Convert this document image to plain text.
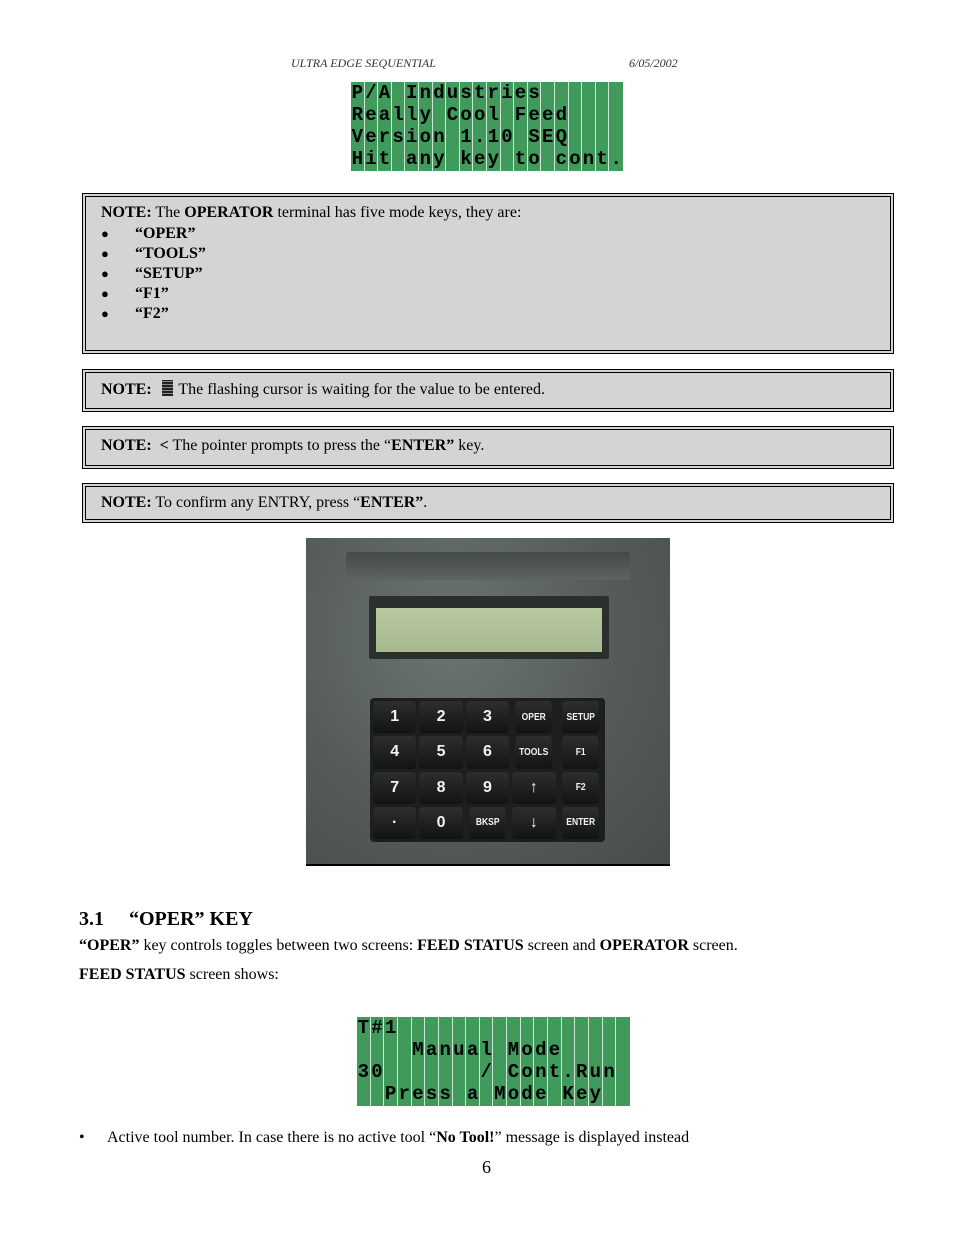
ULTRA EDGE SEQUENTIAL	6/05/2002
P / A I n d u s t r i e s
R e a l l y C o o l F e e d
V e r s i o n 1 . 1 0 S E Q
H i t a n y k e y t o c o n t .
NOTE: The OPERATOR terminal has five mode keys, they are:
● “OPER”
● “TOOLS”
● “SETUP”
● “F1”
● “F2”
NOTE: The flashing cursor is waiting for the value to be entered.
NOTE: < The pointer prompts to press the “ENTER” key.
NOTE: To confirm any ENTRY, press “ENTER”.
1	2	3	OPER	SETUP
4	5	6	TOOLS	F1
7	8	9	↑	F2
·	0	BKSP	↓	ENTER
3.1 “OPER” KEY
“OPER” key controls toggles between two screens: FEED STATUS screen and OPERATOR screen.
FEED STATUS screen shows:
T # 1
M a n u a l M o d e
3 0	/ C o n t . R u n
P r e s s a M o d e K e y
• Active tool number. In case there is no active tool “No Tool!” message is displayed instead
6
